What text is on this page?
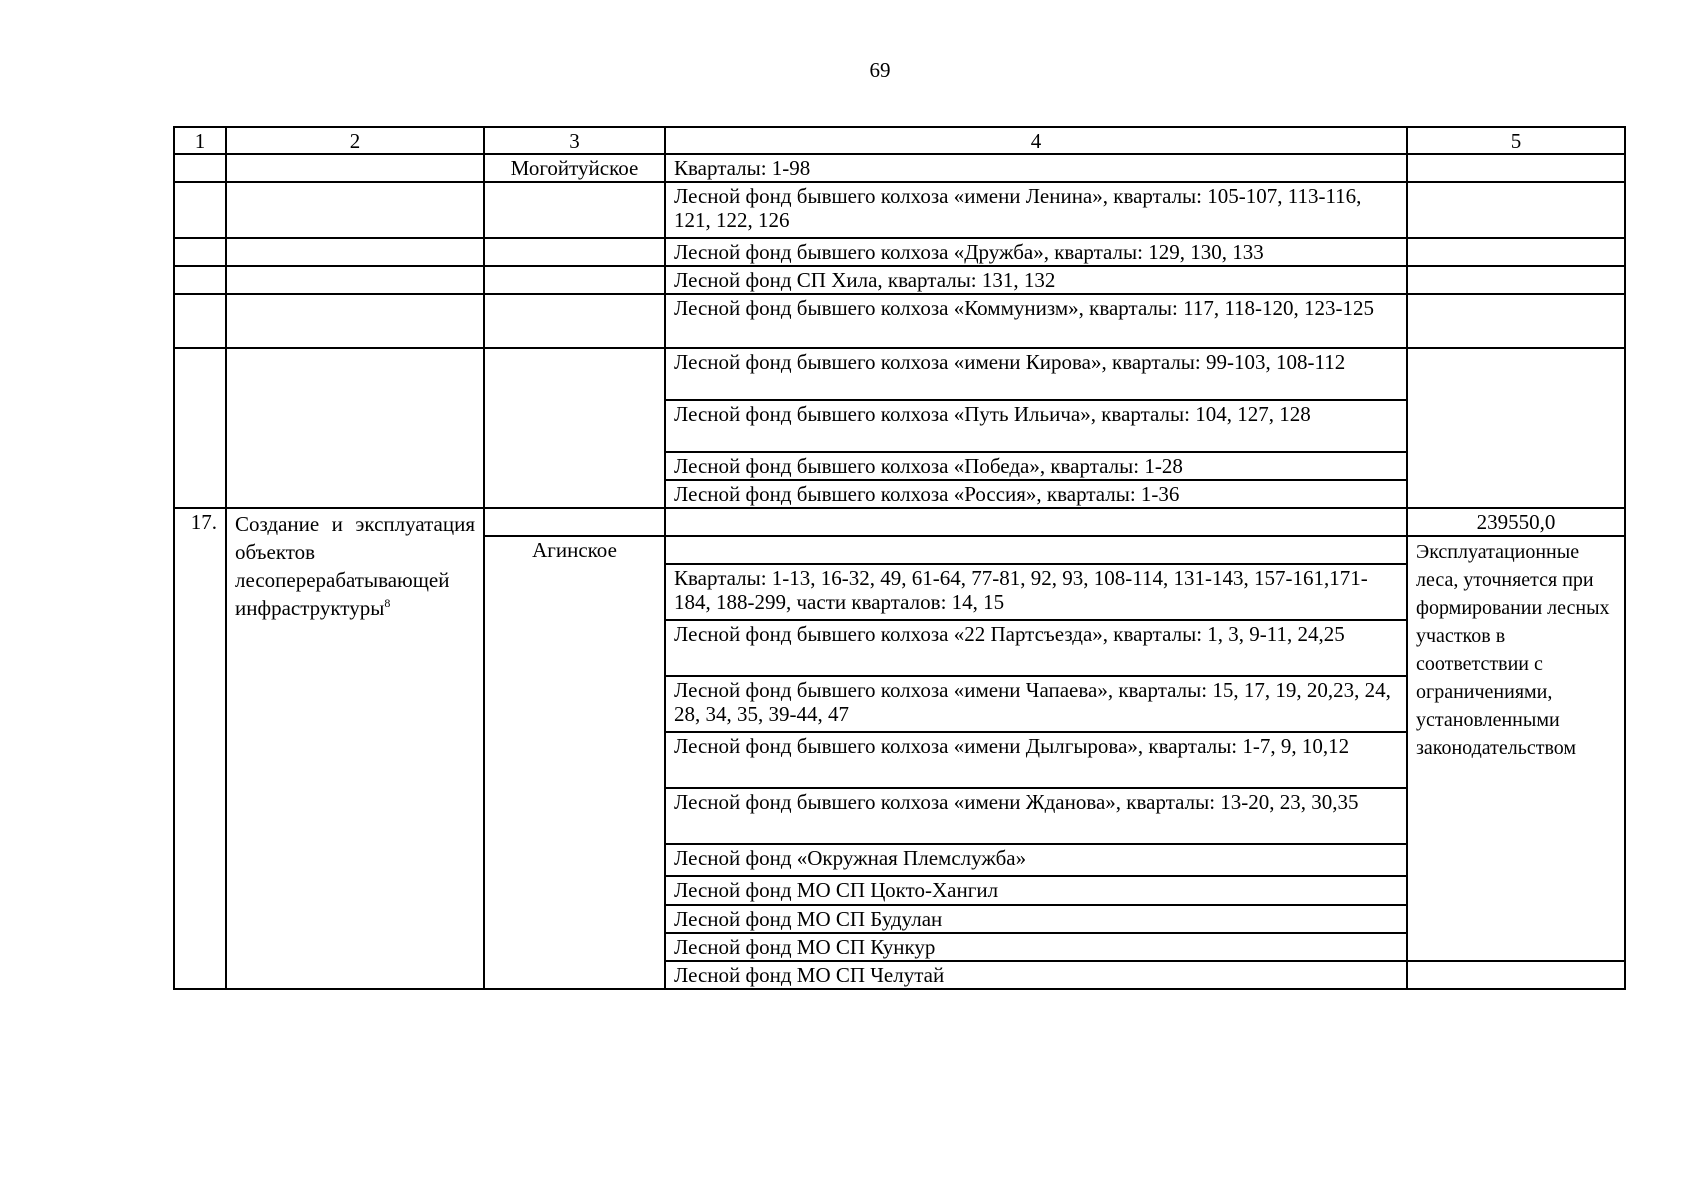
69
1	2	3	4	5	
		Могойтуйское	Кварталы: 1-98		
			Лесной фонд бывшего колхоза «имени Ленина», кварталы: 105-107, 113-116, 121, 122, 126		
			Лесной фонд бывшего колхоза «Дружба», кварталы: 129, 130, 133		
			Лесной фонд СП Хила, кварталы: 131, 132		
			Лесной фонд бывшего колхоза «Коммунизм», кварталы: 117, 118-120, 123-125		
			Лесной фонд бывшего колхоза «имени Кирова», кварталы: 99-103, 108-112		
			Лесной фонд бывшего колхоза «Путь Ильича», кварталы: 104, 127, 128		
			Лесной фонд бывшего колхоза «Победа», кварталы: 1-28		
			Лесной фонд бывшего колхоза «Россия», кварталы: 1-36		
17.	Создание и эксплуатация объектов лесоперерабатывающей инфраструктуры$^8$			239550,0	
		Агинское		Эксплуатационные леса, уточняется при формировании лесных участков в соответствии с ограничениями, установленными законодательством	
			Кварталы: 1-13, 16-32, 49, 61-64, 77-81, 92, 93, 108-114, 131-143, 157-161,171-184, 188-299, части кварталов: 14, 15		
			Лесной фонд бывшего колхоза «22 Партсъезда», кварталы: 1, 3, 9-11, 24,25		
			Лесной фонд бывшего колхоза «имени Чапаева», кварталы: 15, 17, 19, 20,23, 24, 28, 34, 35, 39-44, 47		
			Лесной фонд бывшего колхоза «имени Дылгырова», кварталы: 1-7, 9, 10,12		
			Лесной фонд бывшего колхоза «имени Жданова», кварталы: 13-20, 23, 30,35		
			Лесной фонд «Окружная Племслужба»		
			Лесной фонд МО СП Цокто-Хангил		
			Лесной фонд МО СП Будулан		
			Лесной фонд МО СП Кункур		
			Лесной фонд МО СП Челутай		
